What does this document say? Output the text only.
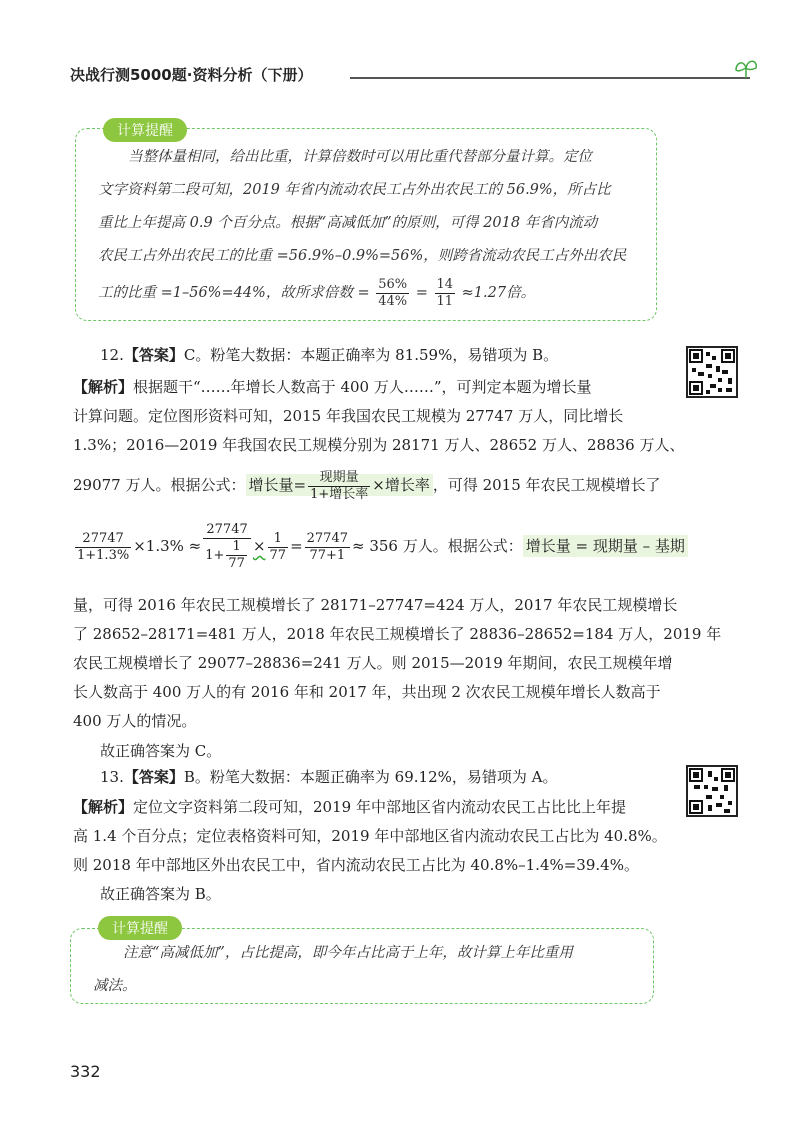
决战行测5000题·资料分析（下册）
当整体量相同，给出比重，计算倍数时可以用比重代替部分量计算。定位
文字资料第二段可知，2019 年省内流动农民工占外出农民工的 56.9%，所占比
重比上年提高 0.9 个百分点。根据“高减低加”的原则，可得 2018 年省内流动
农民工占外出农民工的比重 =56.9%–0.9%=56%，则跨省流动农民工占外出农民
工的比重 =1–56%=44%，故所求倍数 = $\frac{56\%}{44\%} = \frac{14}{11} \approx 1.27$倍。
计算提醒
12.【答案】C。粉笔大数据：本题正确率为 81.59%，易错项为 B。
【解析】根据题干“……年增长人数高于 400 万人……”，可判定本题为增长量
计算问题。定位图形资料可知，2015 年我国农民工规模为 27747 万人，同比增长
1.3%；2016—2019 年我国农民工规模分别为 28171 万人、28652 万人、28836 万人、
29077 万人。根据公式： 增长量= $\frac{\text{现期量}}{\text{1+增长率}}$ ×增长率 ，可得 2015 年农民工规模增长了
$\frac{27747}{1+1.3\%} \times 1.3\% \approx \frac{27747}{1+ \frac{1}{77}} \times \frac{1}{77} = \frac{27747}{77+1} \approx 356$ 万人。根据公式： 增长量 = 现期量 – 基期
量，可得 2016 年农民工规模增长了 28171–27747=424 万人，2017 年农民工规模增长
了 28652–28171=481 万人，2018 年农民工规模增长了 28836–28652=184 万人，2019 年
农民工规模增长了 29077–28836=241 万人。则 2015—2019 年期间，农民工规模年增
长人数高于 400 万人的有 2016 年和 2017 年，共出现 2 次农民工规模年增长人数高于
400 万人的情况。
故正确答案为 C。
13.【答案】B。粉笔大数据：本题正确率为 69.12%，易错项为 A。
【解析】定位文字资料第二段可知，2019 年中部地区省内流动农民工占比比上年提
高 1.4 个百分点；定位表格资料可知，2019 年中部地区省内流动农民工占比为 40.8%。
则 2018 年中部地区外出农民工中，省内流动农民工占比为 40.8%–1.4%=39.4%。
故正确答案为 B。
注意“高减低加”，占比提高，即今年占比高于上年，故计算上年比重用
减法。
计算提醒
332
